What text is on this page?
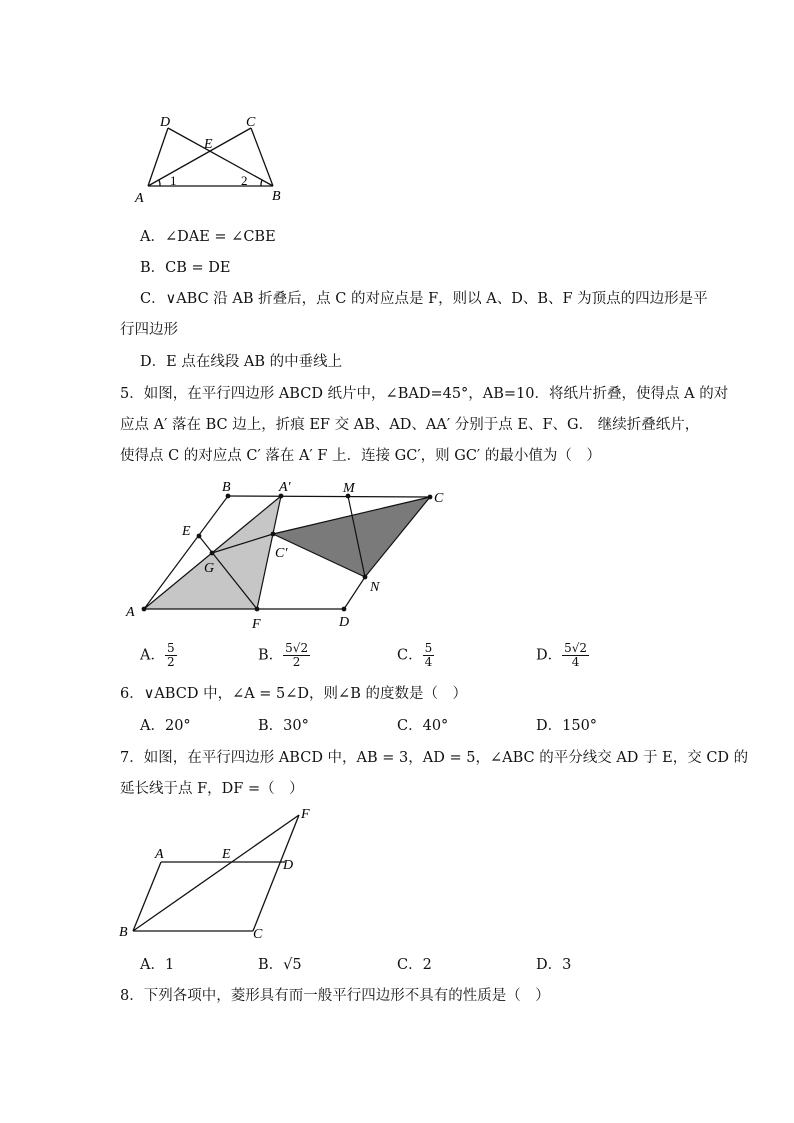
D	C
E
A	B
1	2
A．∠DAE = ∠CBE
B．CB = DE
C．∨ABC 沿 AB 折叠后，点 C 的对应点是 F，则以 A、D、B、F 为顶点的四边形是平
行四边形
D．E 点在线段 AB 的中垂线上
5．如图，在平行四边形 ABCD 纸片中，∠BAD=45°，AB=10．将纸片折叠，使得点 A 的对
应点 A′ 落在 BC 边上，折痕 EF 交 AB、AD、AA′ 分别于点 E、F、G． 继续折叠纸片，
使得点 C 的对应点 C′ 落在 A′ F 上．连接 GC′，则 GC′ 的最小值为（　）
B	A′	M
C
E
C′
G
A
F	D
N
A． $\frac{5}{2}$	B． $\frac{5√2}{2}$	C． $\frac{5}{4}$	D． $\frac{5√2}{4}$
6．∨ABCD 中，∠A = 5∠D，则∠B 的度数是（　）
A．20°	B．30°	C．40°	D．150°
7．如图，在平行四边形 ABCD 中，AB = 3，AD = 5，∠ABC 的平分线交 AD 于 E，交 CD 的
延长线于点 F，DF =（　）
F
A	E
D
B	C
A．1	B．√5	C．2	D．3
8．下列各项中，菱形具有而一般平行四边形不具有的性质是（　）
